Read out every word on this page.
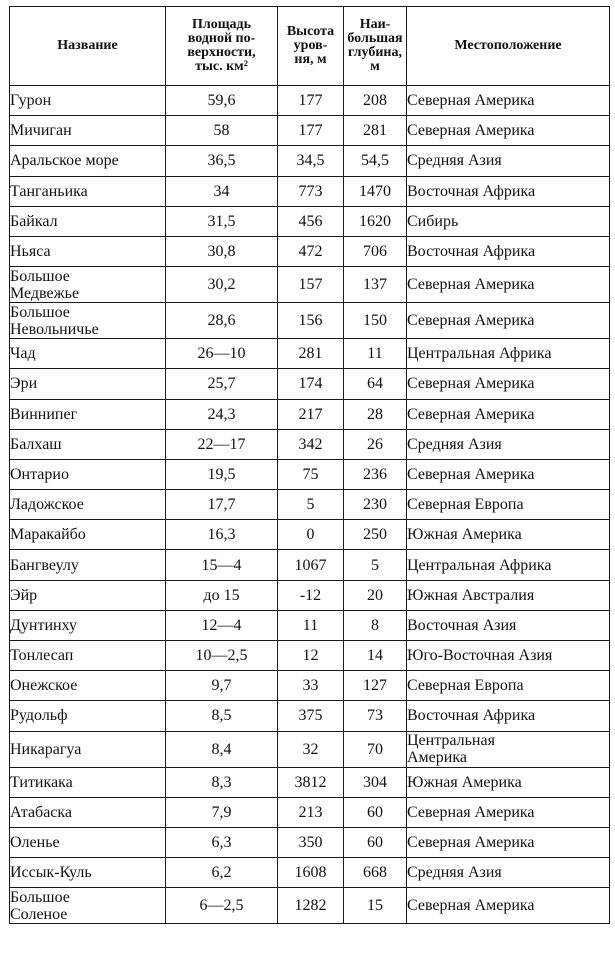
Название	Площадь
водной по-
верхности,
тыс. км²	Высота
уров-
ня, м	Наи-
большая
глубина,
м	Местоположение

Гурон	59,6	177	208	Северная Америка
Мичиган	58	177	281	Северная Америка
Аральское море	36,5	34,5	54,5	Средняя Азия
Танганьика	34	773	1470	Восточная Африка
Байкал	31,5	456	1620	Сибирь
Ньяса	30,8	472	706	Восточная Африка

Большое
Медвежье	30,2	157	137	Северная Америка

Большое
Невольничье	28,6	156	150	Северная Америка
Чад	26—10	281	11	Центральная Африка
Эри	25,7	174	64	Северная Америка
Виннипег	24,3	217	28	Северная Америка
Балхаш	22—17	342	26	Средняя Азия
Онтарио	19,5	75	236	Северная Америка
Ладожское	17,7	5	230	Северная Европа
Маракайбо	16,3	0	250	Южная Америка
Бангвеулу	15—4	1067	5	Центральная Африка
Эйр	до 15	-12	20	Южная Австралия
Дунтинху	12—4	11	8	Восточная Азия
Тонлесап	10—2,5	12	14	Юго-Восточная Азия
Онежское	9,7	33	127	Северная Европа
Рудольф	8,5	375	73	Восточная Африка
Никарагуа	8,4	32	70	Центральная
Америка

Титикака	8,3	3812	304	Южная Америка
Атабаска	7,9	213	60	Северная Америка
Оленье	6,3	350	60	Северная Америка
Иссык-Куль	6,2	1608	668	Средняя Азия

Большое
Соленое	6—2,5	1282	15	Северная Америка
